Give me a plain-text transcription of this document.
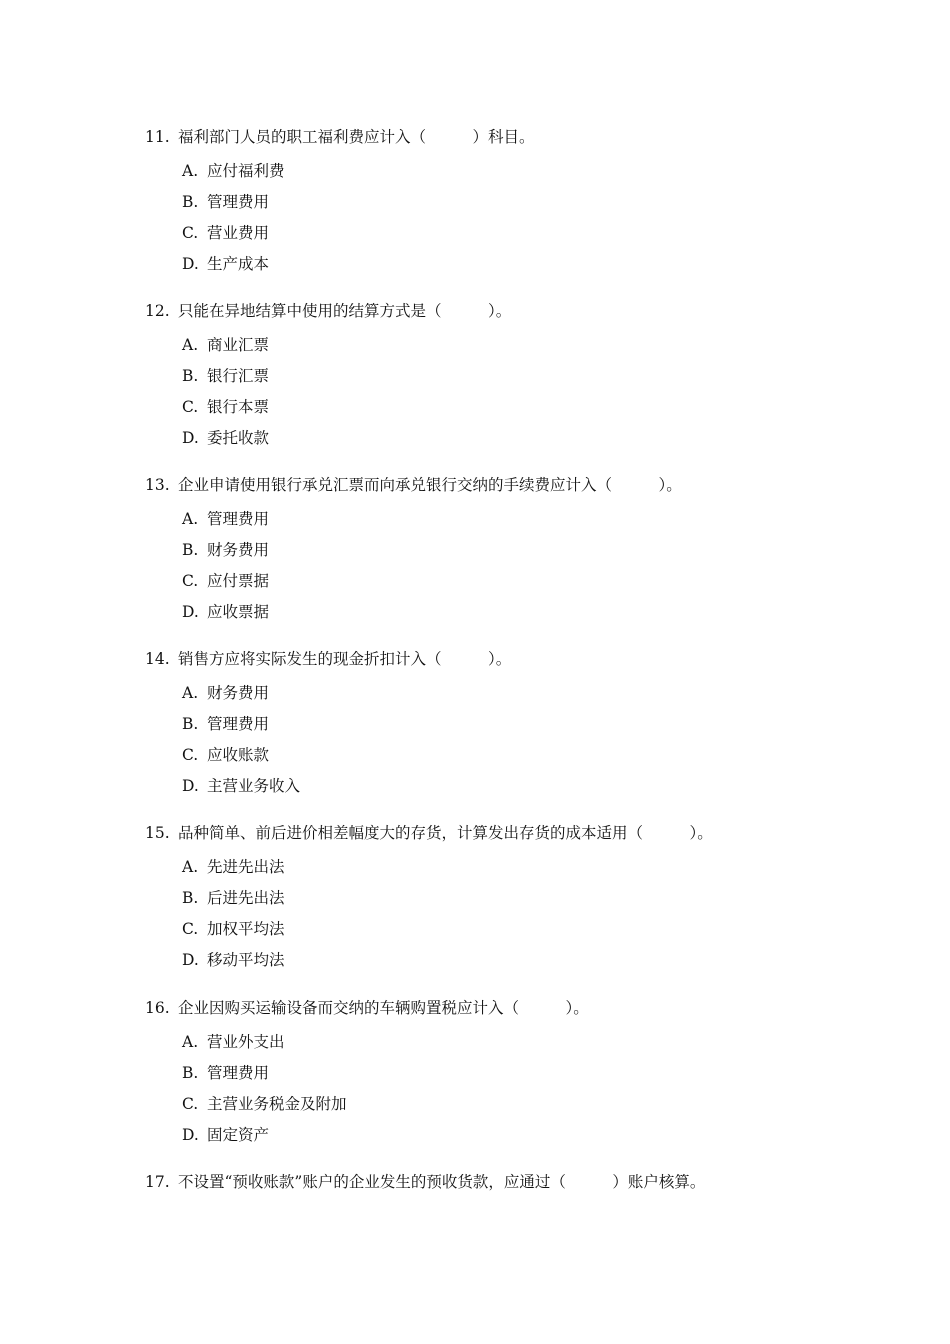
11. 福利部门人员的职工福利费应计入（　　　）科目。
A. 应付福利费
B. 管理费用
C. 营业费用
D. 生产成本
12. 只能在异地结算中使用的结算方式是（　　　）。
A. 商业汇票
B. 银行汇票
C. 银行本票
D. 委托收款
13. 企业申请使用银行承兑汇票而向承兑银行交纳的手续费应计入（　　　）。
A. 管理费用
B. 财务费用
C. 应付票据
D. 应收票据
14. 销售方应将实际发生的现金折扣计入（　　　）。
A. 财务费用
B. 管理费用
C. 应收账款
D. 主营业务收入
15. 品种简单、前后进价相差幅度大的存货，计算发出存货的成本适用（　　　）。
A. 先进先出法
B. 后进先出法
C. 加权平均法
D. 移动平均法
16. 企业因购买运输设备而交纳的车辆购置税应计入（　　　）。
A. 营业外支出
B. 管理费用
C. 主营业务税金及附加
D. 固定资产
17. 不设置“预收账款”账户的企业发生的预收货款，应通过（　　　）账户核算。
